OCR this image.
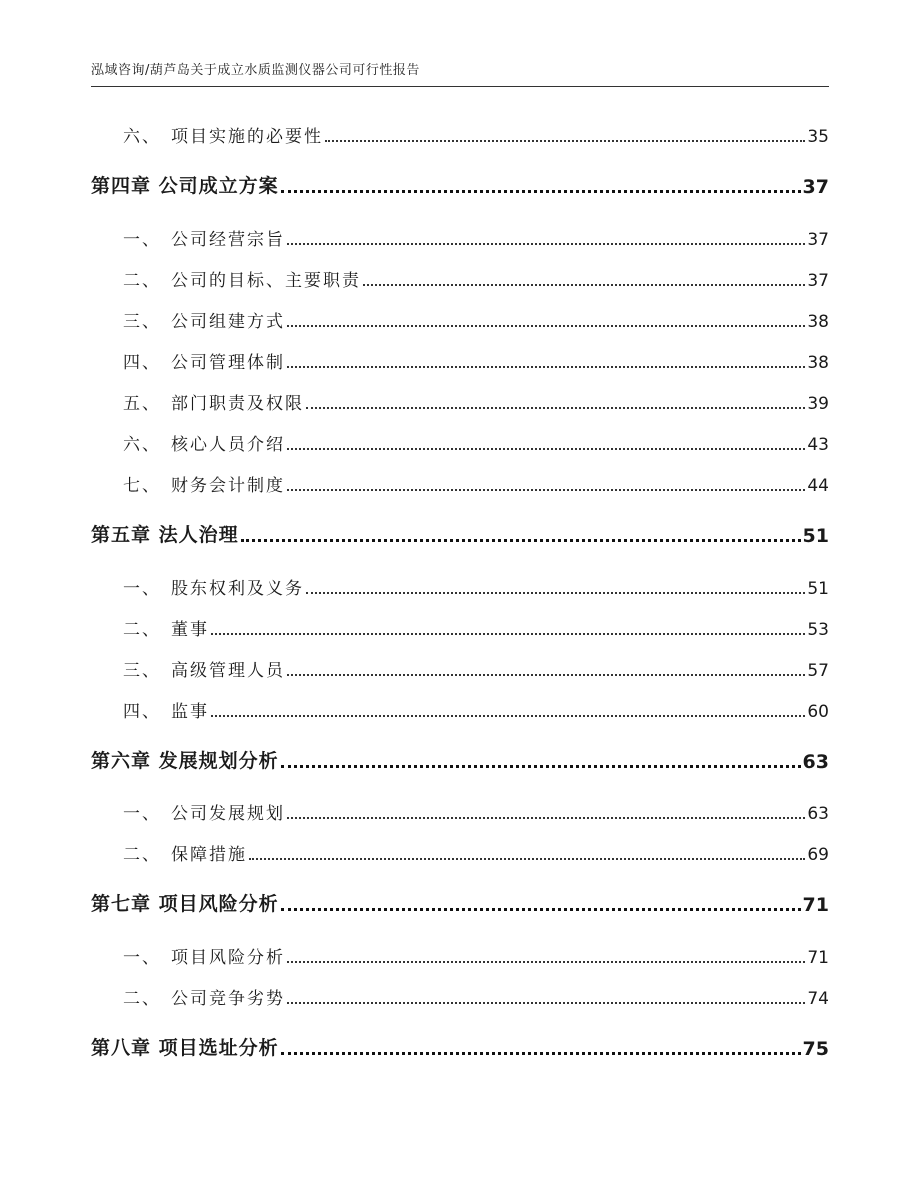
泓域咨询/葫芦岛关于成立水质监测仪器公司可行性报告
六、 项目实施的必要性	35
第四章 公司成立方案	37
一、 公司经营宗旨	37
二、 公司的目标、主要职责	37
三、 公司组建方式	38
四、 公司管理体制	38
五、 部门职责及权限	39
六、 核心人员介绍	43
七、 财务会计制度	44
第五章 法人治理	51
一、 股东权利及义务	51
二、 董事	53
三、 高级管理人员	57
四、 监事	60
第六章 发展规划分析	63
一、 公司发展规划	63
二、 保障措施	69
第七章 项目风险分析	71
一、 项目风险分析	71
二、 公司竞争劣势	74
第八章 项目选址分析	75
